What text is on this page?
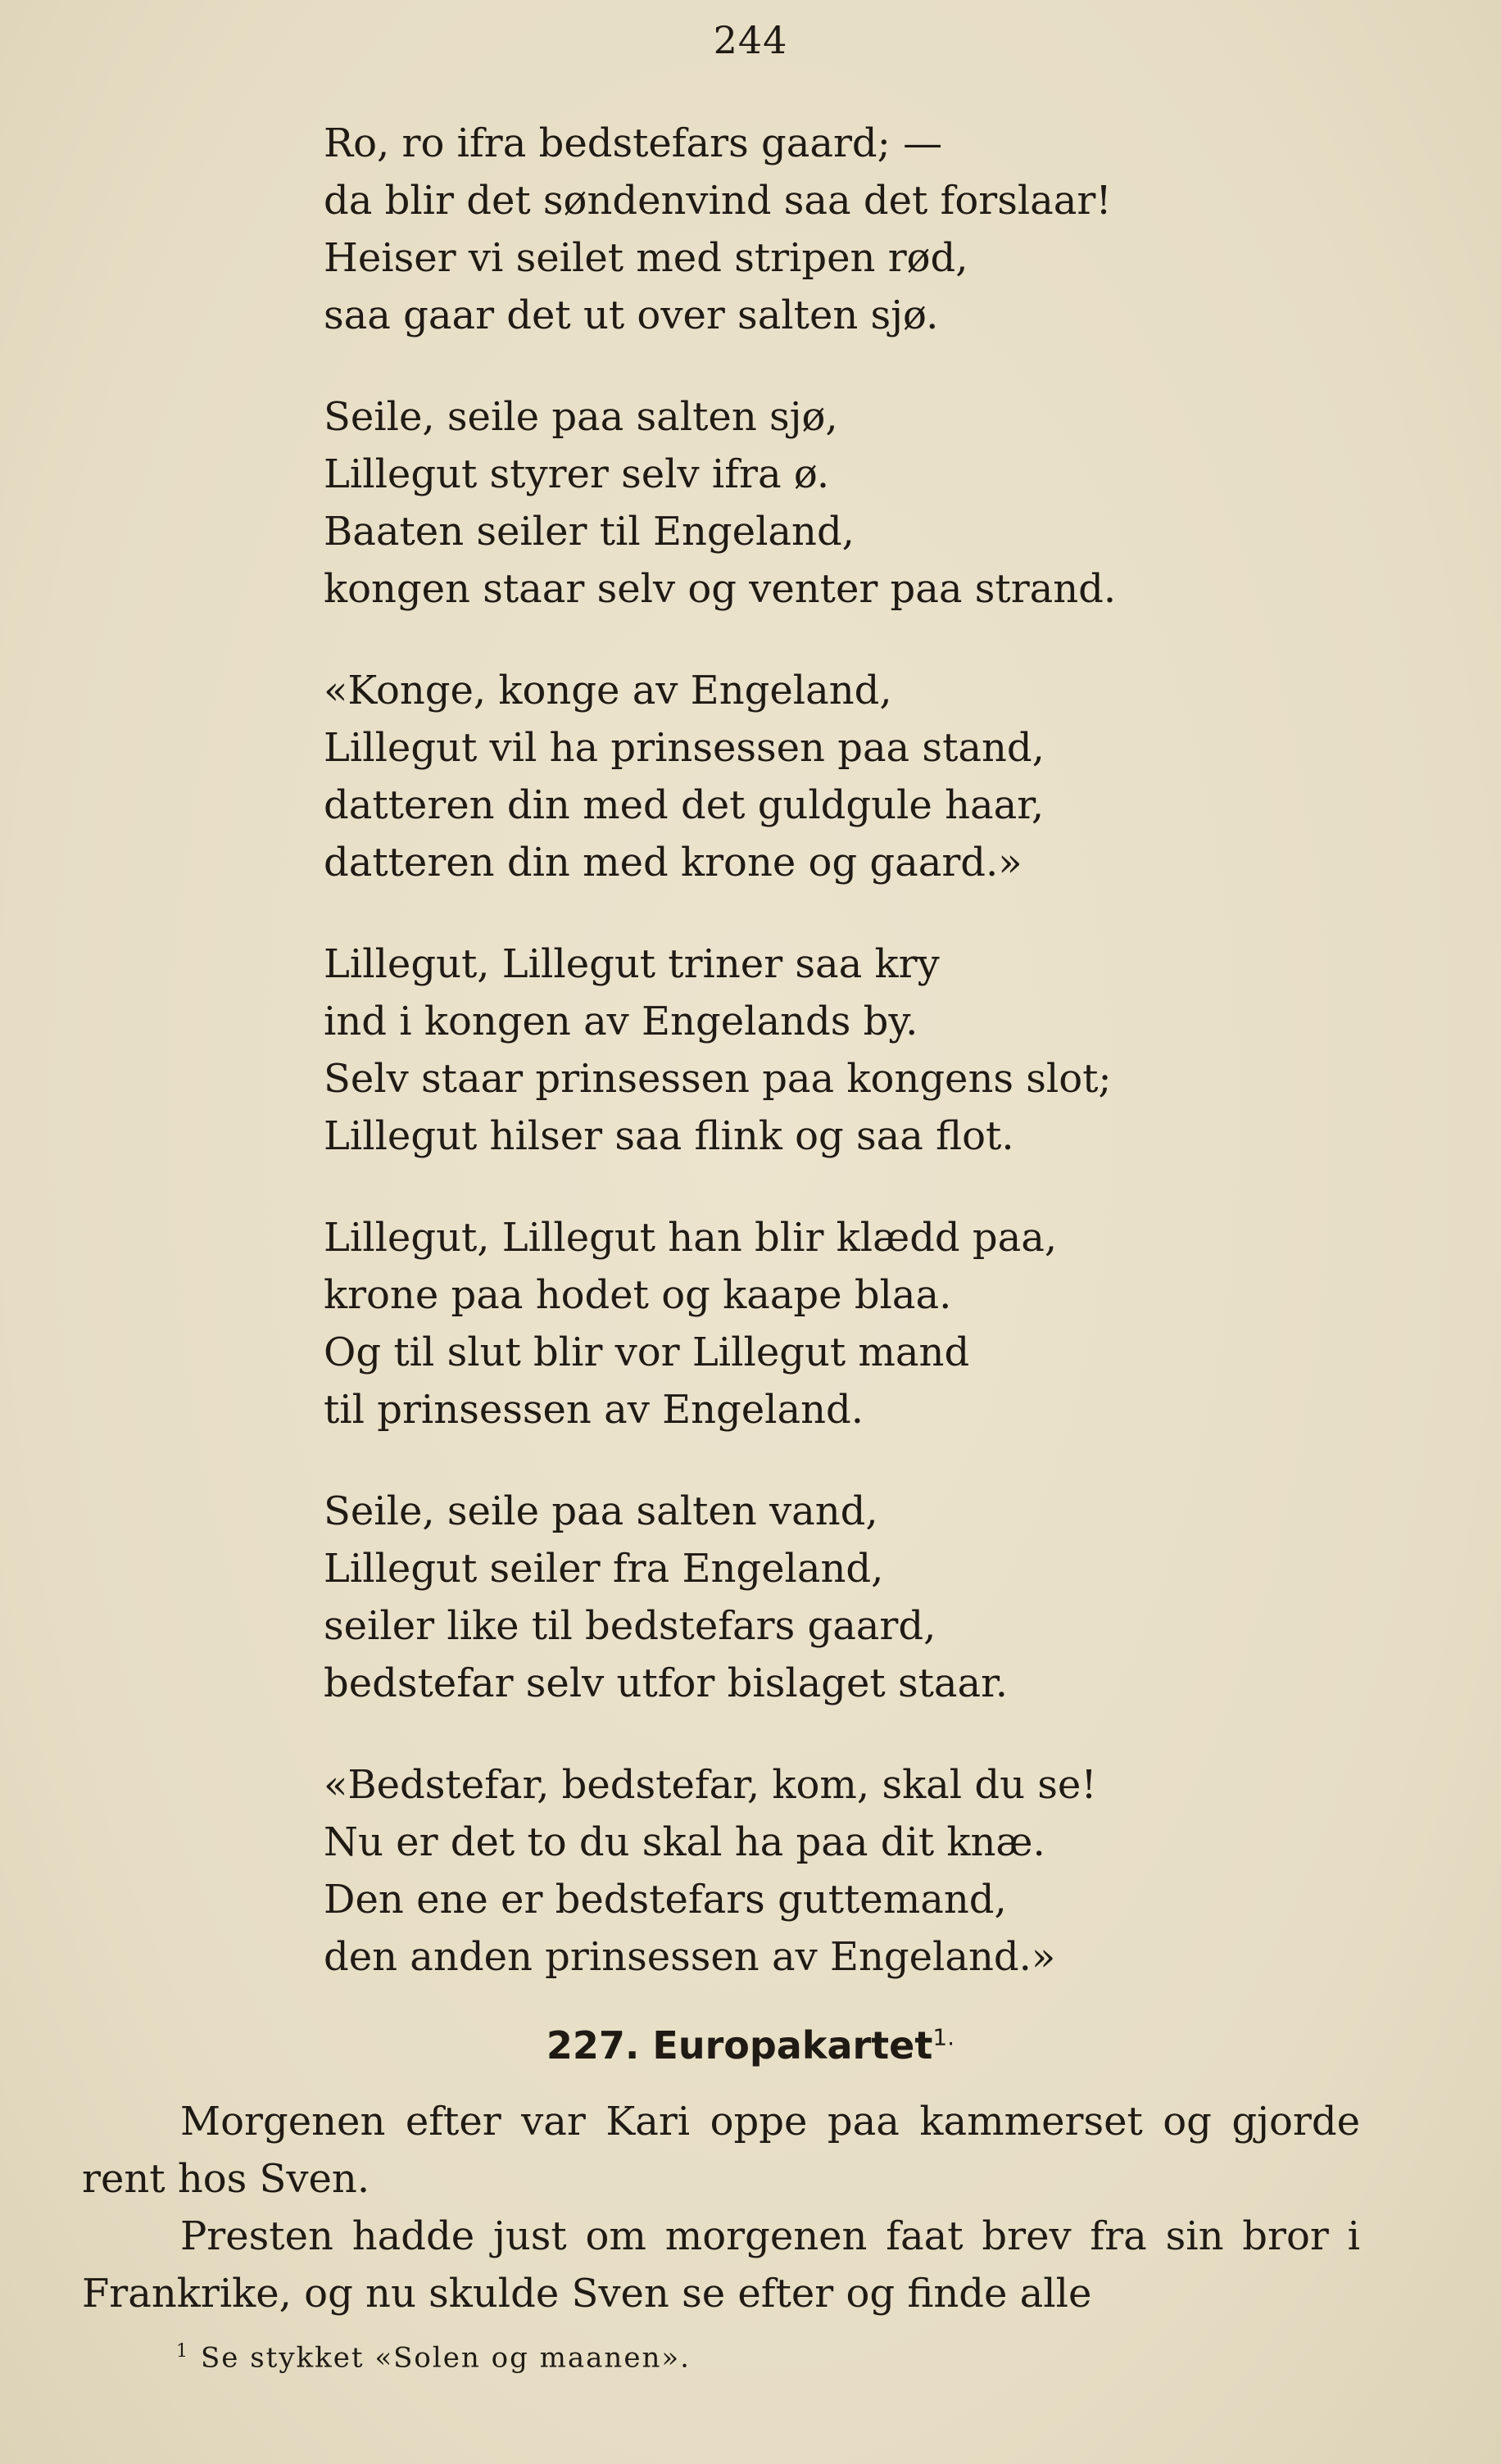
244
Ro, ro ifra bedstefars gaard; —
da blir det søndenvind saa det forslaar!
Heiser vi seilet med stripen rød,
saa gaar det ut over salten sjø.
Seile, seile paa salten sjø,
Lillegut styrer selv ifra ø.
Baaten seiler til Engeland,
kongen staar selv og venter paa strand.
«Konge, konge av Engeland,
Lillegut vil ha prinsessen paa stand,
datteren din med det guldgule haar,
datteren din med krone og gaard.»
Lillegut, Lillegut triner saa kry
ind i kongen av Engelands by.
Selv staar prinsessen paa kongens slot;
Lillegut hilser saa flink og saa flot.
Lillegut, Lillegut han blir klædd paa,
krone paa hodet og kaape blaa.
Og til slut blir vor Lillegut mand
til prinsessen av Engeland.
Seile, seile paa salten vand,
Lillegut seiler fra Engeland,
seiler like til bedstefars gaard,
bedstefar selv utfor bislaget staar.
«Bedstefar, bedstefar, kom, skal du se!
Nu er det to du skal ha paa dit knæ.
Den ene er bedstefars guttemand,
den anden prinsessen av Engeland.»
227. Europakartet$^{1.}$

Morgenen efter var Kari oppe paa kammerset og gjorde rent hos Sven.

Presten hadde just om morgenen faat brev fra sin bror i Frankrike, og nu skulde Sven se efter og finde alle

$^1$ Se stykket «Solen og maanen».
